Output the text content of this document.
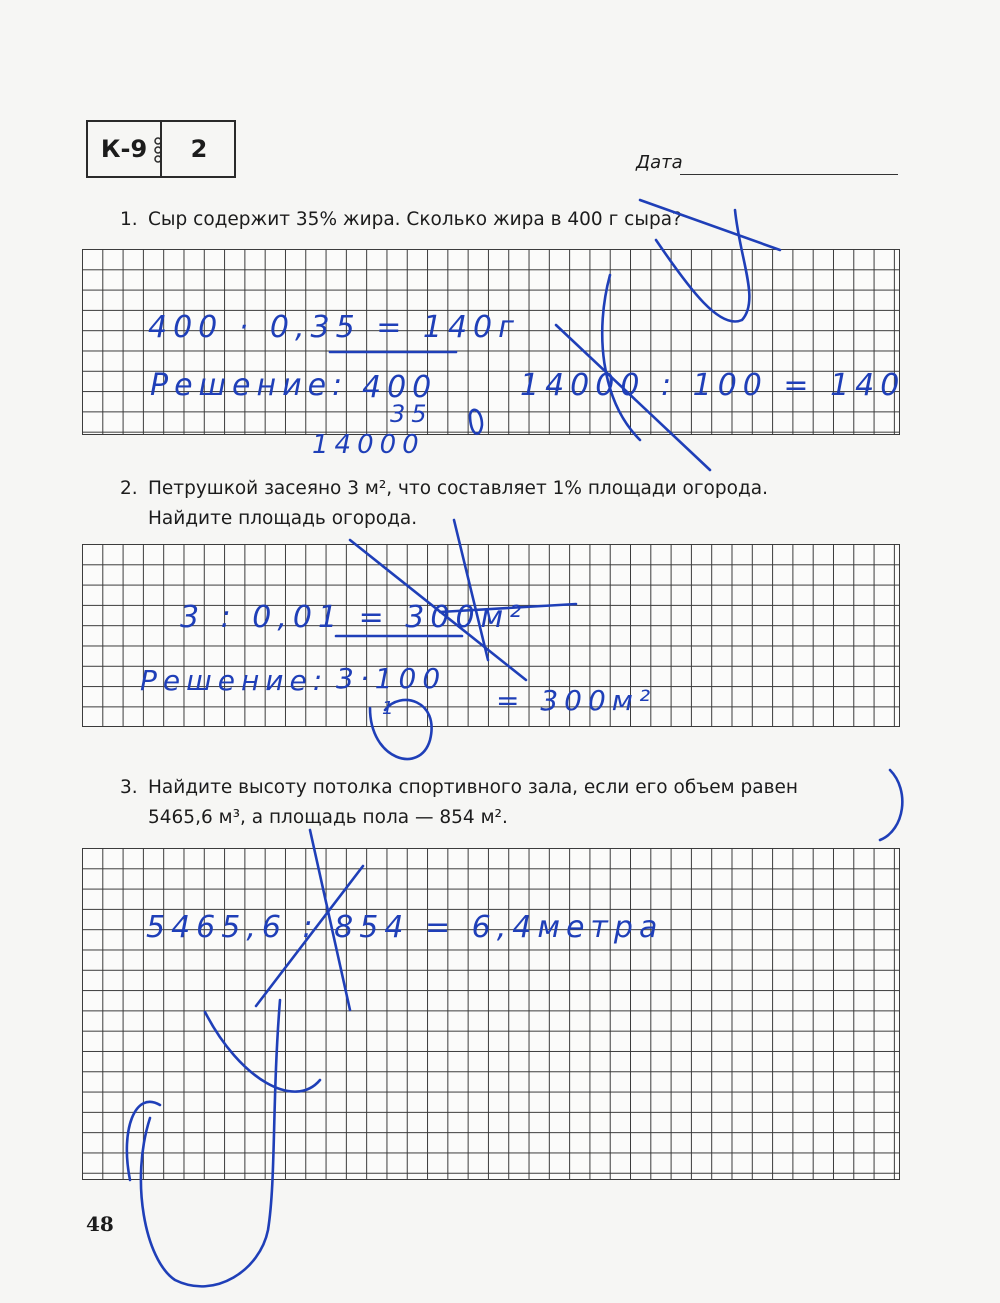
К-9	2	Дата
1. Сыр содержит 35% жира. Сколько жира в 400 г сыра?
2. Петрушкой засеяно 3 м², что составляет 1% площади огорода.
Найдите площадь огорода.
3. Найдите высоту потолка спортивного зала, если его объем равен
5465,6 м³, а площадь пола — 854 м².
400 · 0,35 = 140г
Решение: 400
35
14000
14000 : 100 = 140
3 : 0,01 = 300м²
Решение: 3·100
1	= 300м²
5465,6 : 854 = 6,4метра
48
